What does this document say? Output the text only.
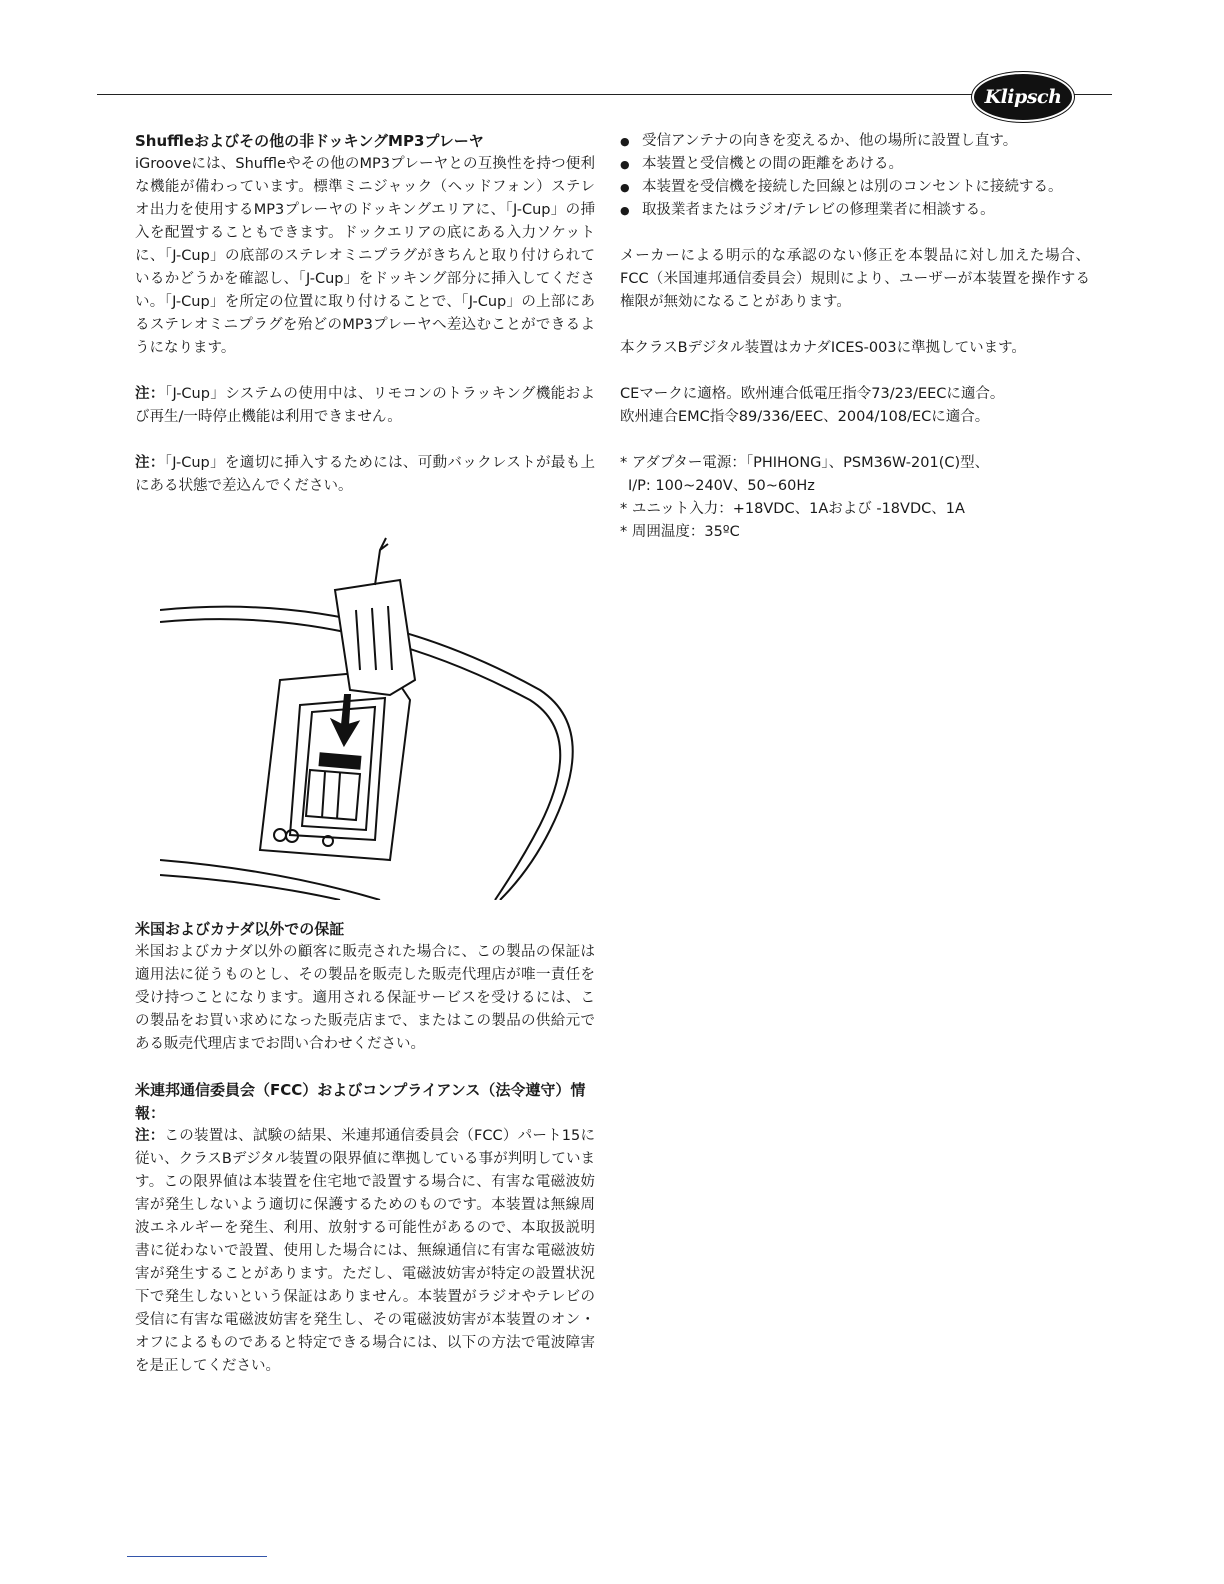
Klipsch

Shuffleおよびその他の非ドッキングMP3プレーヤ

iGrooveには、Shuffleやその他のMP3プレーヤとの互換性を持つ便利な機能が備わっています。標準ミニジャック（ヘッドフォン）ステレオ出力を使用するMP3プレーヤのドッキングエリアに、「J-Cup」の挿入を配置することもできます。ドックエリアの底にある入力ソケットに、「J-Cup」の底部のステレオミニプラグがきちんと取り付けられているかどうかを確認し、「J-Cup」をドッキング部分に挿入してください。「J-Cup」を所定の位置に取り付けることで、「J-Cup」の上部にあるステレオミニプラグを殆どのMP3プレーヤへ差込むことができるようになります。

注：「J-Cup」システムの使用中は、リモコンのトラッキング機能および再生/一時停止機能は利用できません。

注：「J-Cup」を適切に挿入するためには、可動バックレストが最も上にある状態で差込んでください。

米国およびカナダ以外での保証

米国およびカナダ以外の顧客に販売された場合に、この製品の保証は適用法に従うものとし、その製品を販売した販売代理店が唯一責任を受け持つことになります。適用される保証サービスを受けるには、この製品をお買い求めになった販売店まで、またはこの製品の供給元である販売代理店までお問い合わせください。

米連邦通信委員会（FCC）およびコンプライアンス（法令遵守）情報：

注：この装置は、試験の結果、米連邦通信委員会（FCC）パート15に従い、クラスBデジタル装置の限界値に準拠している事が判明しています。この限界値は本装置を住宅地で設置する場合に、有害な電磁波妨害が発生しないよう適切に保護するためのものです。本装置は無線周波エネルギーを発生、利用、放射する可能性があるので、本取扱説明書に従わないで設置、使用した場合には、無線通信に有害な電磁波妨害が発生することがあります。ただし、電磁波妨害が特定の設置状況下で発生しないという保証はありません。本装置がラジオやテレビの受信に有害な電磁波妨害を発生し、その電磁波妨害が本装置のオン・オフによるものであると特定できる場合には、以下の方法で電波障害を是正してください。

● 受信アンテナの向きを変えるか、他の場所に設置し直す。
● 本装置と受信機との間の距離をあける。
● 本装置を受信機を接続した回線とは別のコンセントに接続する。
● 取扱業者またはラジオ/テレビの修理業者に相談する。

メーカーによる明示的な承認のない修正を本製品に対し加えた場合、FCC（米国連邦通信委員会）規則により、ユーザーが本装置を操作する権限が無効になることがあります。

本クラスBデジタル装置はカナダICES-003に準拠しています。

CEマークに適格。欧州連合低電圧指令73/23/EECに適合。

欧州連合EMC指令89/336/EEC、2004/108/ECに適合。

* アダプター電源：「PHIHONG」、PSM36W-201(C)型、

I/P: 100~240V、50~60Hz

* ユニット入力：+18VDC、1Aおよび -18VDC、1A

* 周囲温度：35ºC
